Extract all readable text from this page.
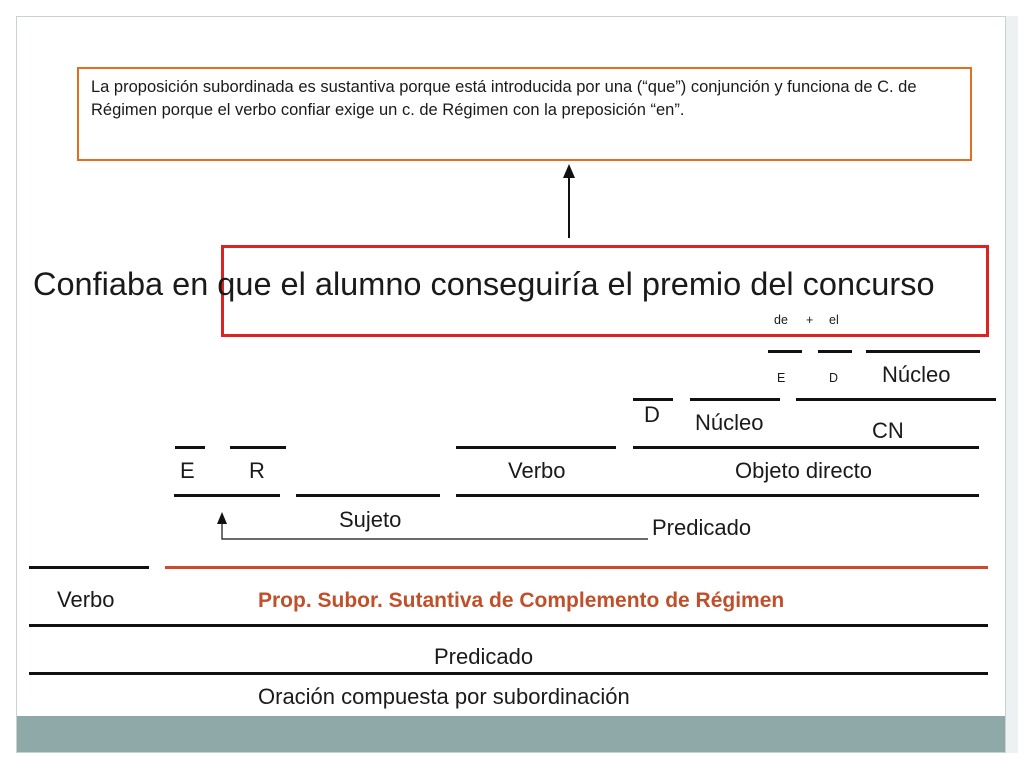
La proposición subordinada es sustantiva porque está introducida por una (“que”) conjunción y funciona de C. de Régimen porque el verbo confiar exige un c. de Régimen con la preposición “en”.
Confiaba en que el alumno conseguiría el premio del concurso
de + el
E	D Núcleo
D Núcleo	CN
E R	Verbo	Objeto directo
Sujeto	Predicado
Verbo	Prop. Subor. Sutantiva de Complemento de Régimen
Predicado
Oración compuesta por subordinación
